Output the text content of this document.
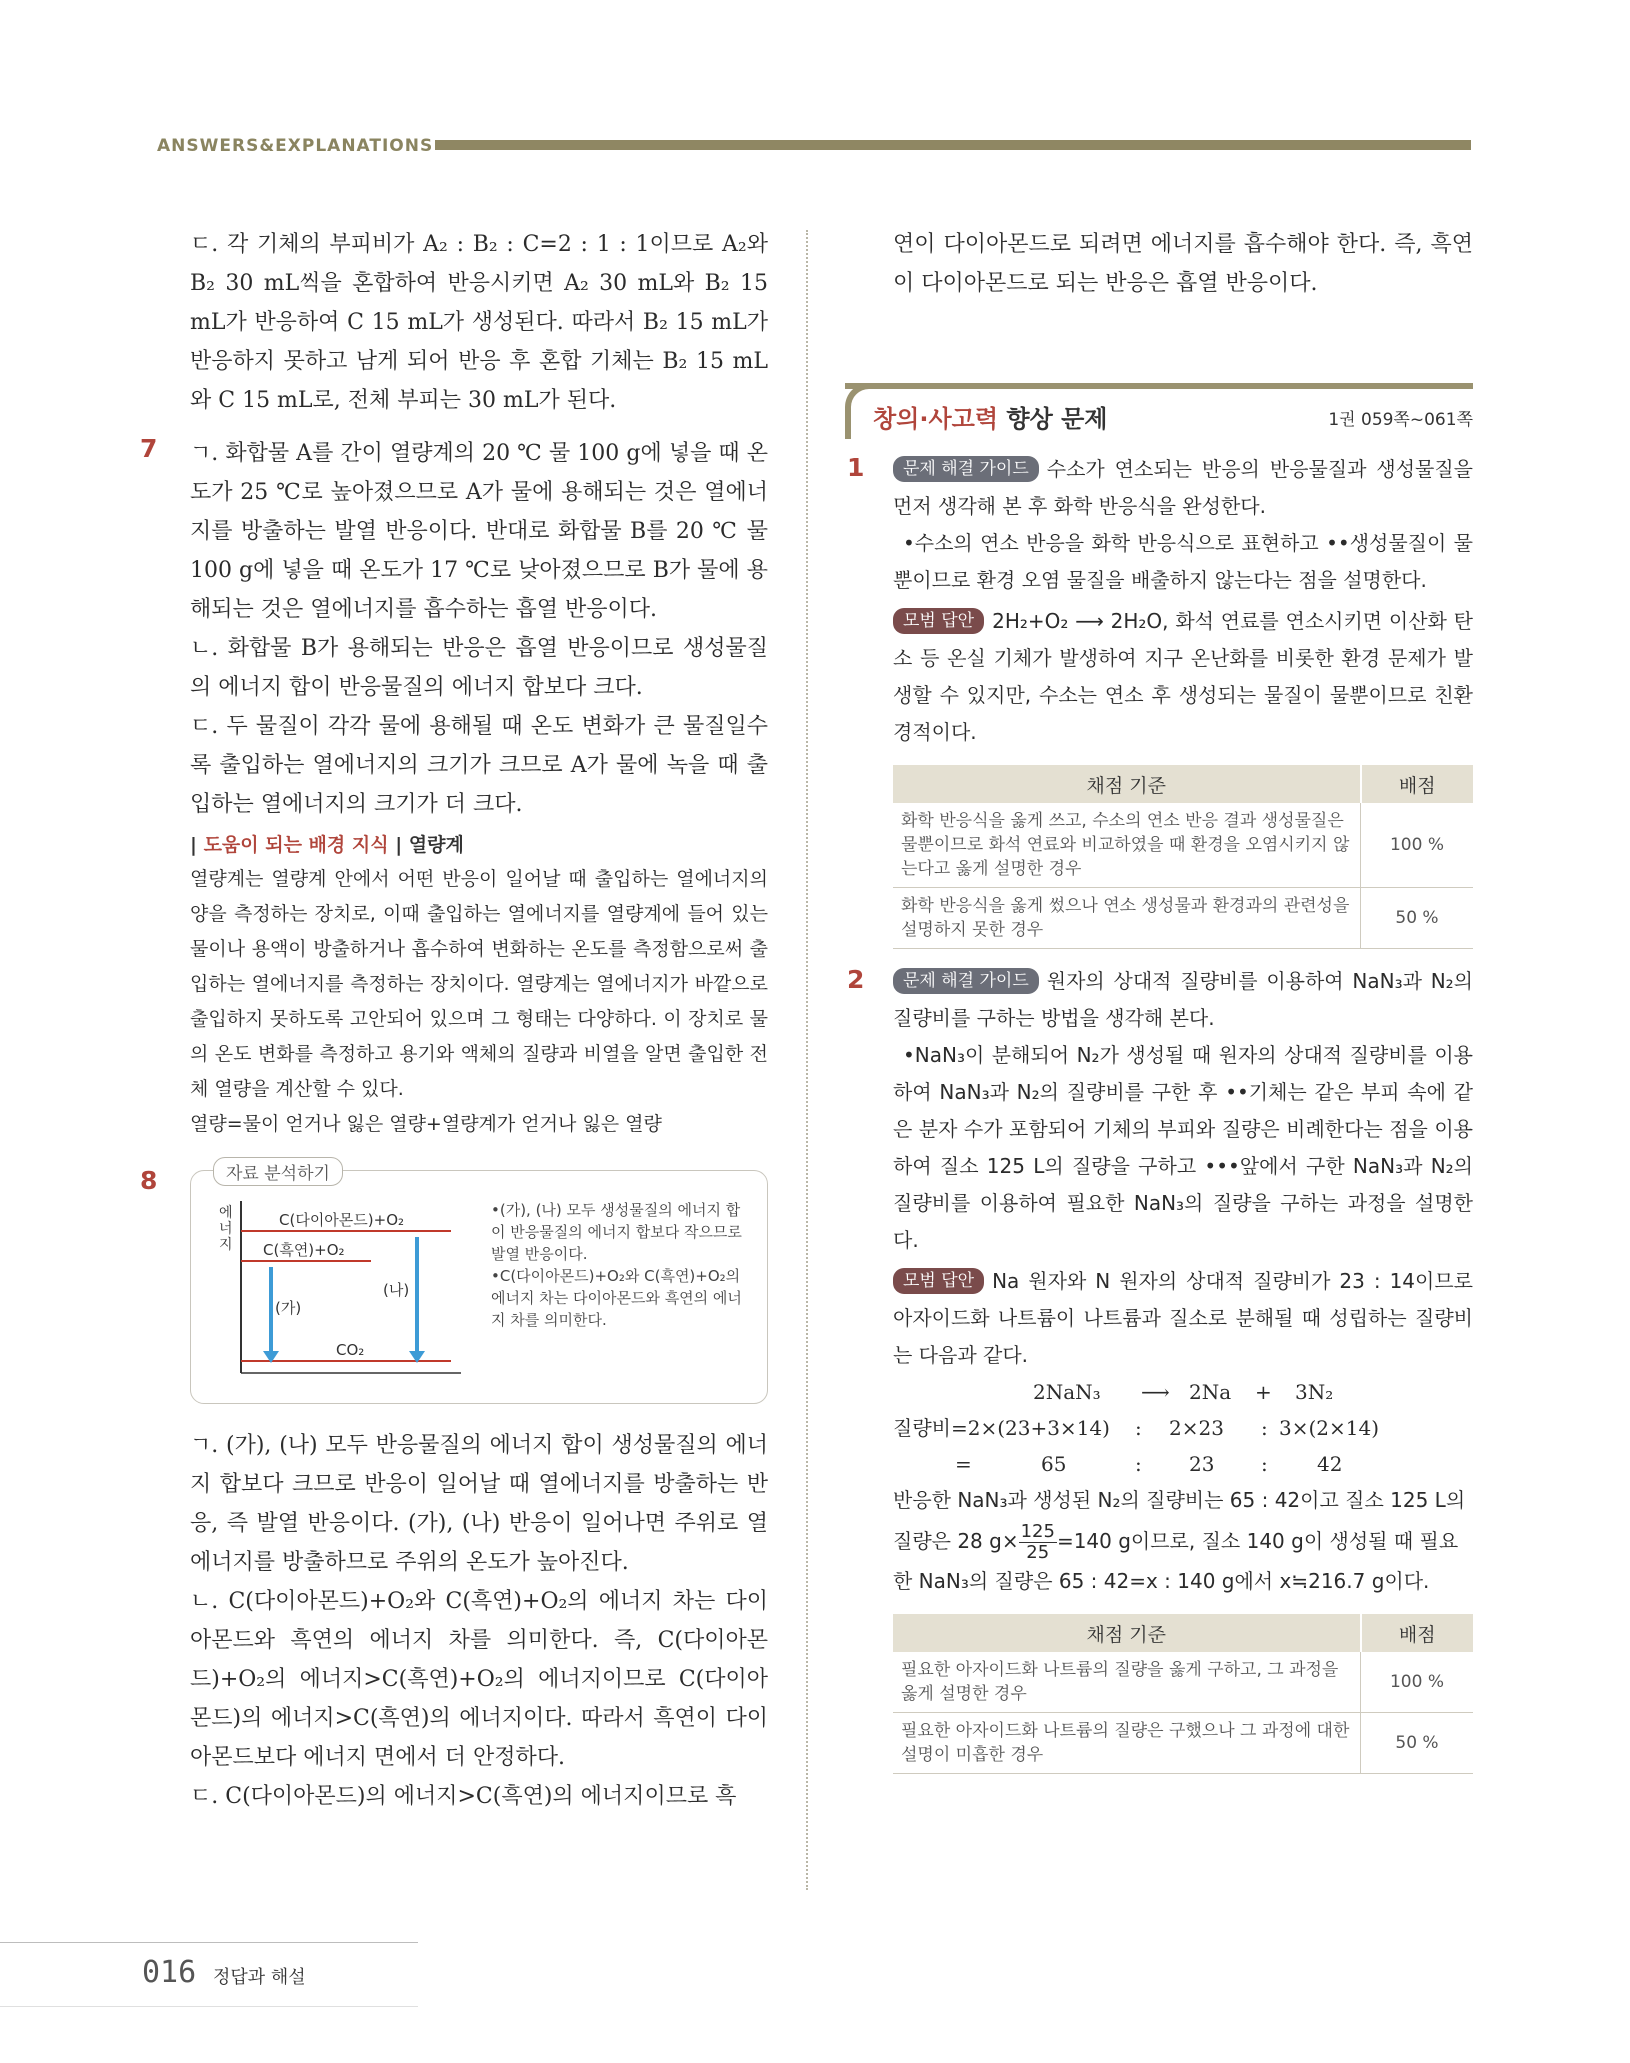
ANSWERS&EXPLANATIONS

ㄷ. 각 기체의 부피비가 A₂ : B₂ : C=2 : 1 : 1이므로 A₂와 B₂ 30 mL씩을 혼합하여 반응시키면 A₂ 30 mL와 B₂ 15 mL가 반응하여 C 15 mL가 생성된다. 따라서 B₂ 15 mL가 반응하지 못하고 남게 되어 반응 후 혼합 기체는 B₂ 15 mL와 C 15 mL로, 전체 부피는 30 mL가 된다.

7 ㄱ. 화합물 A를 간이 열량계의 20 ℃ 물 100 g에 넣을 때 온도가 25 ℃로 높아졌으므로 A가 물에 용해되는 것은 열에너지를 방출하는 발열 반응이다. 반대로 화합물 B를 20 ℃ 물 100 g에 넣을 때 온도가 17 ℃로 낮아졌으므로 B가 물에 용해되는 것은 열에너지를 흡수하는 흡열 반응이다.

ㄴ. 화합물 B가 용해되는 반응은 흡열 반응이므로 생성물질의 에너지 합이 반응물질의 에너지 합보다 크다.

ㄷ. 두 물질이 각각 물에 용해될 때 온도 변화가 큰 물질일수록 출입하는 열에너지의 크기가 크므로 A가 물에 녹을 때 출입하는 열에너지의 크기가 더 크다.

| 도움이 되는 배경 지식 | 열량계

열량계는 열량계 안에서 어떤 반응이 일어날 때 출입하는 열에너지의 양을 측정하는 장치로, 이때 출입하는 열에너지를 열량계에 들어 있는 물이나 용액이 방출하거나 흡수하여 변화하는 온도를 측정함으로써 출입하는 열에너지를 측정하는 장치이다. 열량계는 열에너지가 바깥으로 출입하지 못하도록 고안되어 있으며 그 형태는 다양하다. 이 장치로 물의 온도 변화를 측정하고 용기와 액체의 질량과 비열을 알면 출입한 전체 열량을 계산할 수 있다.

열량=물이 얻거나 잃은 열량+열량계가 얻거나 잃은 열량

8	자료 분석하기
에
너
지
C(다이아몬드)+O₂
C(흑연)+O₂
CO₂
(가)
(나)

•(가), (나) 모두 생성물질의 에너지 합이 반응물질의 에너지 합보다 작으므로 발열 반응이다.

•C(다이아몬드)+O₂와 C(흑연)+O₂의 에너지 차는 다이아몬드와 흑연의 에너지 차를 의미한다.

ㄱ. (가), (나) 모두 반응물질의 에너지 합이 생성물질의 에너지 합보다 크므로 반응이 일어날 때 열에너지를 방출하는 반응, 즉 발열 반응이다. (가), (나) 반응이 일어나면 주위로 열에너지를 방출하므로 주위의 온도가 높아진다.

ㄴ. C(다이아몬드)+O₂와 C(흑연)+O₂의 에너지 차는 다이아몬드와 흑연의 에너지 차를 의미한다. 즉, C(다이아몬드)+O₂의 에너지>C(흑연)+O₂의 에너지이므로 C(다이아몬드)의 에너지>C(흑연)의 에너지이다. 따라서 흑연이 다이아몬드보다 에너지 면에서 더 안정하다.

ㄷ. C(다이아몬드)의 에너지>C(흑연)의 에너지이므로 흑

연이 다이아몬드로 되려면 에너지를 흡수해야 한다. 즉, 흑연이 다이아몬드로 되는 반응은 흡열 반응이다.

창의·사고력 향상 문제	1권 059쪽~061쪽
1	문제 해결 가이드 수소가 연소되는 반응의 반응물질과 생성물질을 먼저 생각해 본 후 화학 반응식을 완성한다.

•수소의 연소 반응을 화학 반응식으로 표현하고 ••생성물질이 물뿐이므로 환경 오염 물질을 배출하지 않는다는 점을 설명한다.

모범 답안 2H₂+O₂ ⟶ 2H₂O, 화석 연료를 연소시키면 이산화 탄소 등 온실 기체가 발생하여 지구 온난화를 비롯한 환경 문제가 발생할 수 있지만, 수소는 연소 후 생성되는 물질이 물뿐이므로 친환경적이다.

채점 기준	배점
화학 반응식을 옳게 쓰고, 수소의 연소 반응 결과 생성물질은 물뿐이므로 화석 연료와 비교하였을 때 환경을 오염시키지 않는다고 옳게 설명한 경우	100 %
화학 반응식을 옳게 썼으나 연소 생성물과 환경과의 관련성을 설명하지 못한 경우	50 %
2	문제 해결 가이드 원자의 상대적 질량비를 이용하여 NaN₃과 N₂의 질량비를 구하는 방법을 생각해 본다.

•NaN₃이 분해되어 N₂가 생성될 때 원자의 상대적 질량비를 이용하여 NaN₃과 N₂의 질량비를 구한 후 ••기체는 같은 부피 속에 같은 분자 수가 포함되어 기체의 부피와 질량은 비례한다는 점을 이용하여 질소 125 L의 질량을 구하고 •••앞에서 구한 NaN₃과 N₂의 질량비를 이용하여 필요한 NaN₃의 질량을 구하는 과정을 설명한다.

모범 답안 Na 원자와 N 원자의 상대적 질량비가 23 : 14이므로 아자이드화 나트륨이 나트륨과 질소로 분해될 때 성립하는 질량비는 다음과 같다.

2NaN₃ ⟶ 2Na + 3N₂
질량비=2×(23+3×14) : 2×23 : 3×(2×14)
=	65	: 23 : 42

반응한 NaN₃과 생성된 N₂의 질량비는 65 : 42이고 질소 125 L의

질량은 28 $g\times \frac{125}{25} =140$ g이므로, 질소 140 g이 생성될 때 필요

한 NaN₃의 질량은 65 : 42=x : 140 g에서 x≒216.7 g이다.

채점 기준	배점
필요한 아자이드화 나트륨의 질량을 옳게 구하고, 그 과정을 옳게 설명한 경우	100 %
필요한 아자이드화 나트륨의 질량은 구했으나 그 과정에 대한 설명이 미흡한 경우	50 %
016 정답과 해설
